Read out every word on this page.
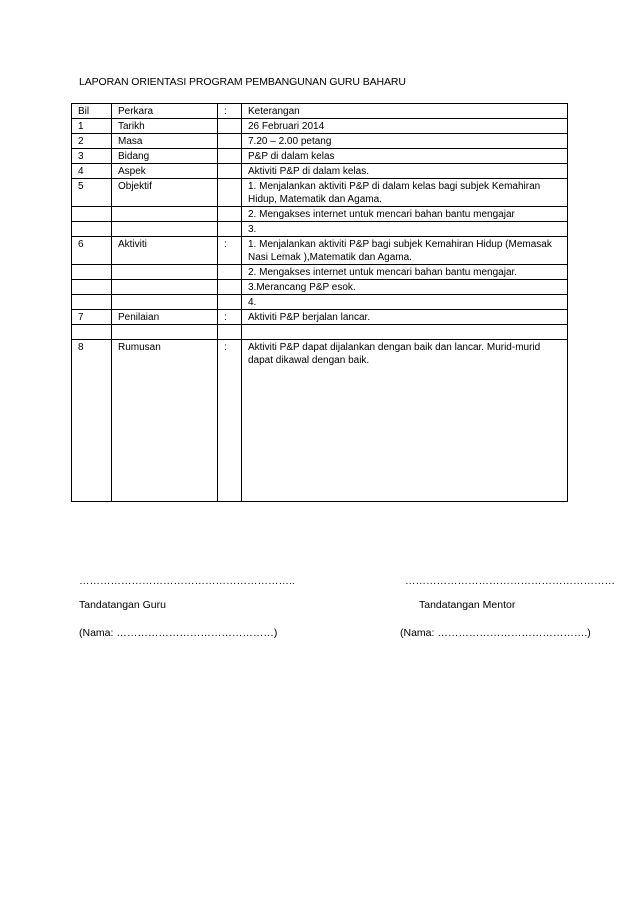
LAPORAN ORIENTASI PROGRAM PEMBANGUNAN GURU BAHARU
Bil	Perkara	:	Keterangan
1	Tarikh		26 Februari 2014
2	Masa		7.20 – 2.00 petang
3	Bidang		P&P di dalam kelas
4	Aspek		Aktiviti P&P di dalam kelas.
5	Objektif		1. Menjalankan aktiviti P&P di dalam kelas bagi subjek Kemahiran Hidup, Matematik dan Agama.
			2. Mengakses internet untuk mencari bahan bantu mengajar
			3.
6	Aktiviti	:	1. Menjalankan aktiviti P&P bagi subjek Kemahiran Hidup (Memasak Nasi Lemak ),Matematik dan Agama.
			2. Mengakses internet untuk mencari bahan bantu mengajar.
			3.Merancang P&P esok.
			4.
7	Penilaian	:	Aktiviti P&P berjalan lancar.

8	Rumusan	:	Aktiviti P&P dapat dijalankan dengan baik dan lancar. Murid-murid dapat dikawal dengan baik.
……………………………………………………..	……………………………………………………
Tandatangan Guru	Tandatangan Mentor
(Nama: ………………………………………)	(Nama: …………………………………….)
